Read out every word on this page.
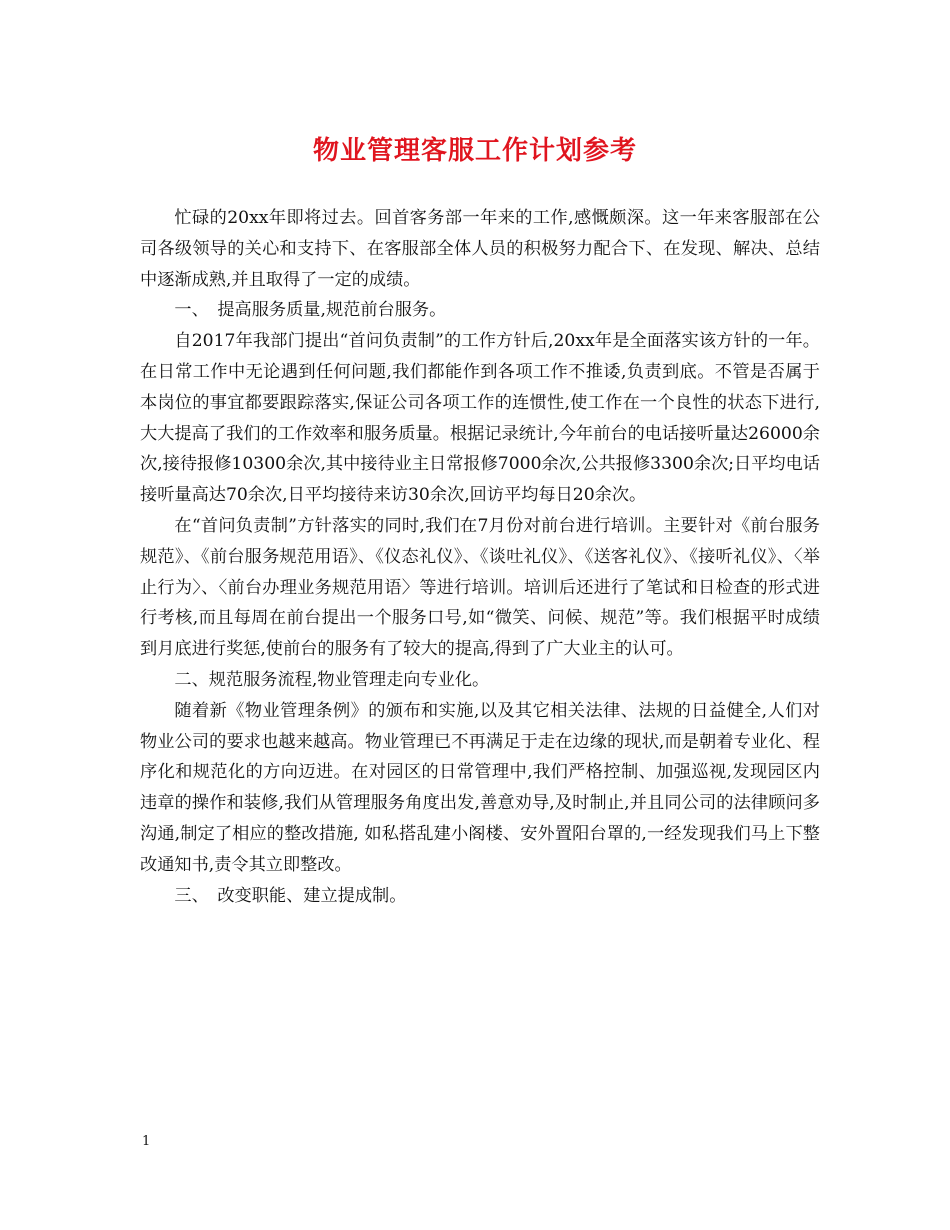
物业管理客服工作计划参考

忙碌的20xx年即将过去。回首客务部一年来的工作,感慨颇深。这一年来客服部在公司各级领导的关心和支持下、在客服部全体人员的积极努力配合下、在发现、解决、总结中逐渐成熟,并且取得了一定的成绩。

一、　提高服务质量,规范前台服务。

自2017年我部门提出“首问负责制”的工作方针后,20xx年是全面落实该方针的一年。在日常工作中无论遇到任何问题,我们都能作到各项工作不推诿,负责到底。不管是否属于本岗位的事宜都要跟踪落实,保证公司各项工作的连惯性,使工作在一个良性的状态下进行,大大提高了我们的工作效率和服务质量。根据记录统计,今年前台的电话接听量达26000余次,接待报修10300余次,其中接待业主日常报修7000余次,公共报修3300余次;日平均电话接听量高达70余次,日平均接待来访30余次,回访平均每日20余次。

在“首问负责制”方针落实的同时,我们在7月份对前台进行培训。主要针对《前台服务规范》、《前台服务规范用语》、《仪态礼仪》、《谈吐礼仪》、《送客礼仪》、《接听礼仪》、〈举止行为〉、〈前台办理业务规范用语〉等进行培训。培训后还进行了笔试和日检查的形式进行考核,而且每周在前台提出一个服务口号,如“微笑、问候、规范”等。我们根据平时成绩到月底进行奖惩,使前台的服务有了较大的提高,得到了广大业主的认可。

二、规范服务流程,物业管理走向专业化。

随着新《物业管理条例》的颁布和实施,以及其它相关法律、法规的日益健全,人们对物业公司的要求也越来越高。物业管理已不再满足于走在边缘的现状,而是朝着专业化、程序化和规范化的方向迈进。在对园区的日常管理中,我们严格控制、加强巡视,发现园区内违章的操作和装修,我们从管理服务角度出发,善意劝导,及时制止,并且同公司的法律顾问多沟通,制定了相应的整改措施, 如私搭乱建小阁楼、安外置阳台罩的,一经发现我们马上下整改通知书,责令其立即整改。

三、　改变职能、建立提成制。

1
